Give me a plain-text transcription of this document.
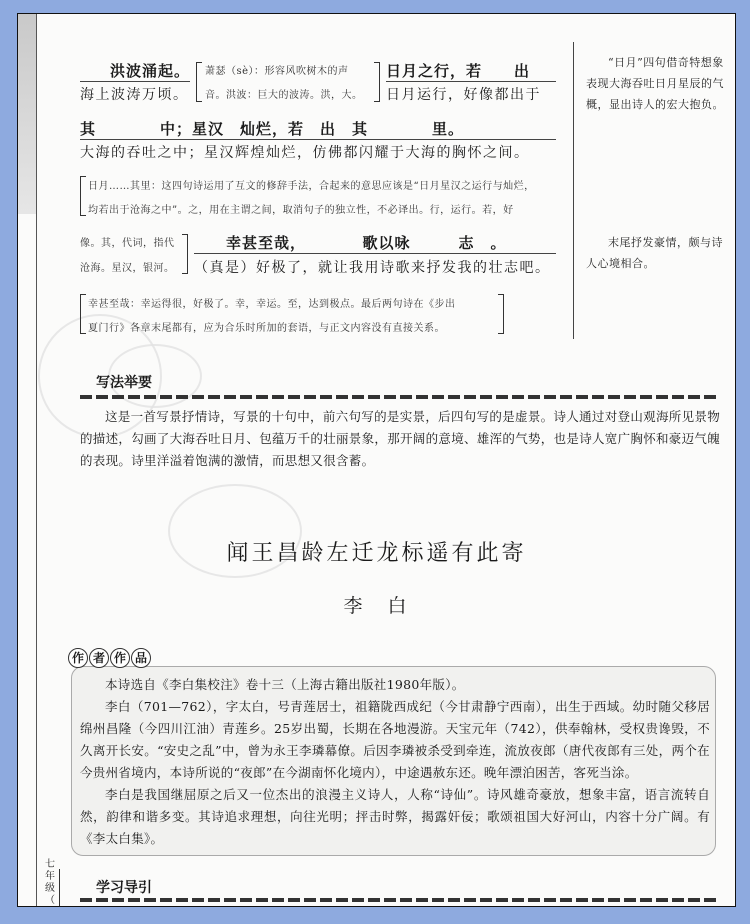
洪波涌起。
海上波涛万顷。
萧瑟（sè）：形容风吹树木的声
音。洪波：巨大的波涛。洪，大。
日月之行，若　　出
日月运行，好像都出于
其　　　　中；星汉　灿烂，若　出　其　　　　里。
大海的吞吐之中；星汉辉煌灿烂，仿佛都闪耀于大海的胸怀之间。
日月……其里：这四句诗运用了互文的修辞手法，合起来的意思应该是“日月星汉之运行与灿烂，
均若出于沧海之中”。之，用在主谓之间，取消句子的独立性，不必译出。行，运行。若，好
像。其，代词，指代
沧海。星汉，银河。
幸甚至哉，　　　　歌以咏　　　志　。
（真是）好极了，就让我用诗歌来抒发我的壮志吧。
幸甚至哉：幸运得很，好极了。幸，幸运。至，达到极点。最后两句诗在《步出
夏门行》各章末尾都有，应为合乐时所加的套语，与正文内容没有直接关系。
“日月”四句借奇特想象表现大海吞吐日月星辰的气概，显出诗人的宏大抱负。
末尾抒发豪情，颇与诗人心境相合。
写法举要
这是一首写景抒情诗，写景的十句中，前六句写的是实景，后四句写的是虚景。诗人通过对登山观海所见景物的描述，勾画了大海吞吐日月、包蕴万千的壮丽景象，那开阔的意境、雄浑的气势，也是诗人宽广胸怀和豪迈气魄的表现。诗里洋溢着饱满的激情，而思想又很含蓄。
闻王昌龄左迁龙标遥有此寄
李　白
作 者 作 品
本诗选自《李白集校注》卷十三（上海古籍出版社1980年版）。
李白（701—762），字太白，号青莲居士，祖籍陇西成纪（今甘肃静宁西南），出生于西域。幼时随父移居绵州昌隆（今四川江油）青莲乡。25岁出蜀，长期在各地漫游。天宝元年（742），供奉翰林，受权贵谗毁，不久离开长安。“安史之乱”中，曾为永王李璘幕僚。后因李璘被杀受到牵连，流放夜郎（唐代夜郎有三处，两个在今贵州省境内，本诗所说的“夜郎”在今湖南怀化境内），中途遇赦东还。晚年漂泊困苦，客死当涂。
李白是我国继屈原之后又一位杰出的浪漫主义诗人，人称“诗仙”。诗风雄奇豪放，想象丰富，语言流转自然，韵律和谐多变。其诗追求理想，向往光明；抨击时弊，揭露奸佞；歌颂祖国大好河山，内容十分广阔。有《李太白集》。
学习导引
七年级（
